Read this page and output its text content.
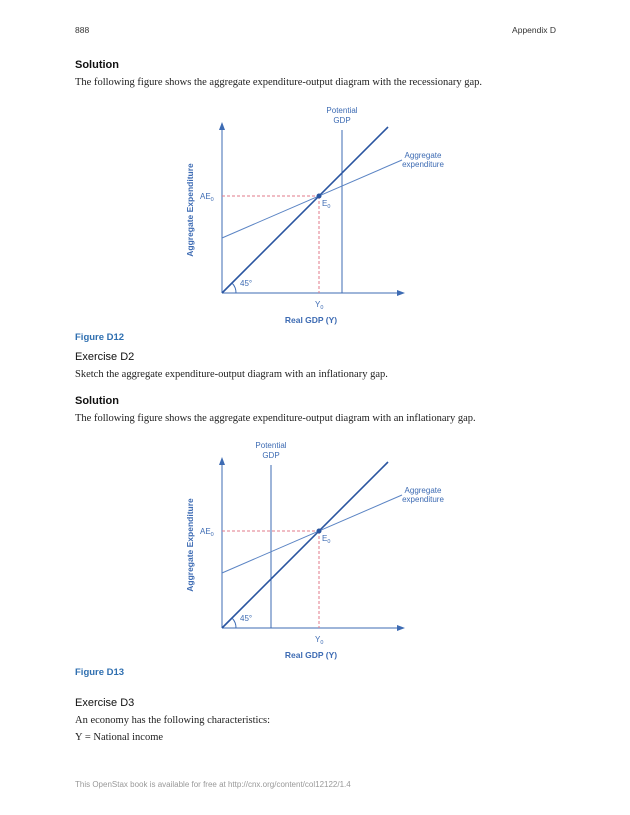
888	Appendix D
Solution
The following figure shows the aggregate expenditure-output diagram with the recessionary gap.
45°
Potential
GDP
Aggregate
expenditure
$AE_0$	$E_0$
$Y_0$
Real GDP (Y)
Aggregate Expenditure
Figure D12
Exercise D2
Sketch the aggregate expenditure-output diagram with an inflationary gap.
Solution
The following figure shows the aggregate expenditure-output diagram with an inflationary gap.
45°
Potential
GDP
Aggregate
expenditure
$AE_0$	$E_0$
$Y_0$
Real GDP (Y)
Aggregate Expenditure
Figure D13
Exercise D3
An economy has the following characteristics:
Y = National income
This OpenStax book is available for free at http://cnx.org/content/col12122/1.4
